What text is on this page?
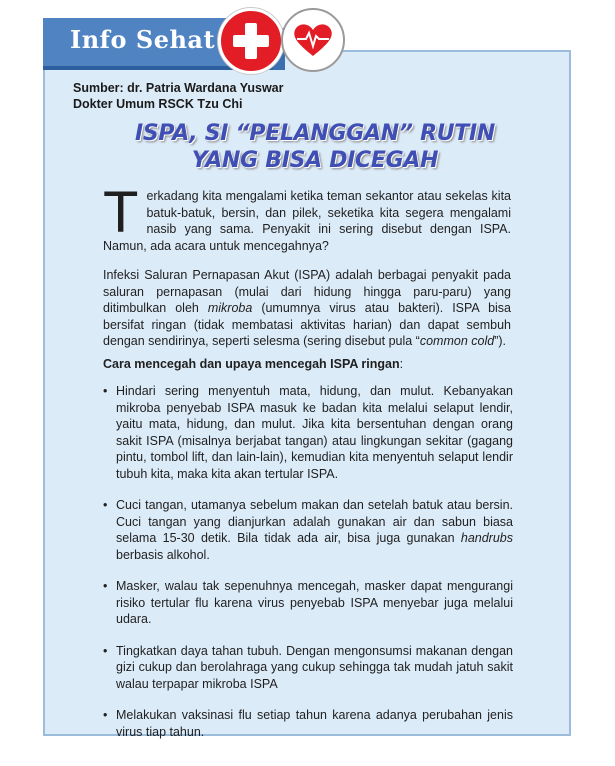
Info Sehat
Sumber: dr. Patria Wardana Yuswar
Dokter Umum RSCK Tzu Chi
ISPA, SI “PELANGGAN” RUTIN
YANG BISA DICEGAH
Terkadang kita mengalami ketika teman sekantor atau sekelas kita batuk-batuk, bersin, dan pilek, seketika kita segera mengalami nasib yang sama. Penyakit ini sering disebut dengan ISPA. Namun, ada acara untuk mencegahnya?
Infeksi Saluran Pernapasan Akut (ISPA) adalah berbagai penyakit pada saluran pernapasan (mulai dari hidung hingga paru-paru) yang ditimbulkan oleh mikroba (umumnya virus atau bakteri). ISPA bisa bersifat ringan (tidak membatasi aktivitas harian) dan dapat sembuh dengan sendirinya, seperti selesma (sering disebut pula “common cold”).
Cara mencegah dan upaya mencegah ISPA ringan:
• Hindari sering menyentuh mata, hidung, dan mulut. Kebanyakan mikroba penyebab ISPA masuk ke badan kita melalui selaput lendir, yaitu mata, hidung, dan mulut. Jika kita bersentuhan dengan orang sakit ISPA (misalnya berjabat tangan) atau lingkungan sekitar (gagang pintu, tombol lift, dan lain-lain), kemudian kita menyentuh selaput lendir tubuh kita, maka kita akan tertular ISPA.
• Cuci tangan, utamanya sebelum makan dan setelah batuk atau bersin. Cuci tangan yang dianjurkan adalah gunakan air dan sabun biasa selama 15-30 detik. Bila tidak ada air, bisa juga gunakan handrubs berbasis alkohol.
• Masker, walau tak sepenuhnya mencegah, masker dapat mengurangi risiko tertular flu karena virus penyebab ISPA menyebar juga melalui udara.
• Tingkatkan daya tahan tubuh. Dengan mengonsumsi makanan dengan gizi cukup dan berolahraga yang cukup sehingga tak mudah jatuh sakit walau terpapar mikroba ISPA
• Melakukan vaksinasi flu setiap tahun karena adanya perubahan jenis virus tiap tahun.
